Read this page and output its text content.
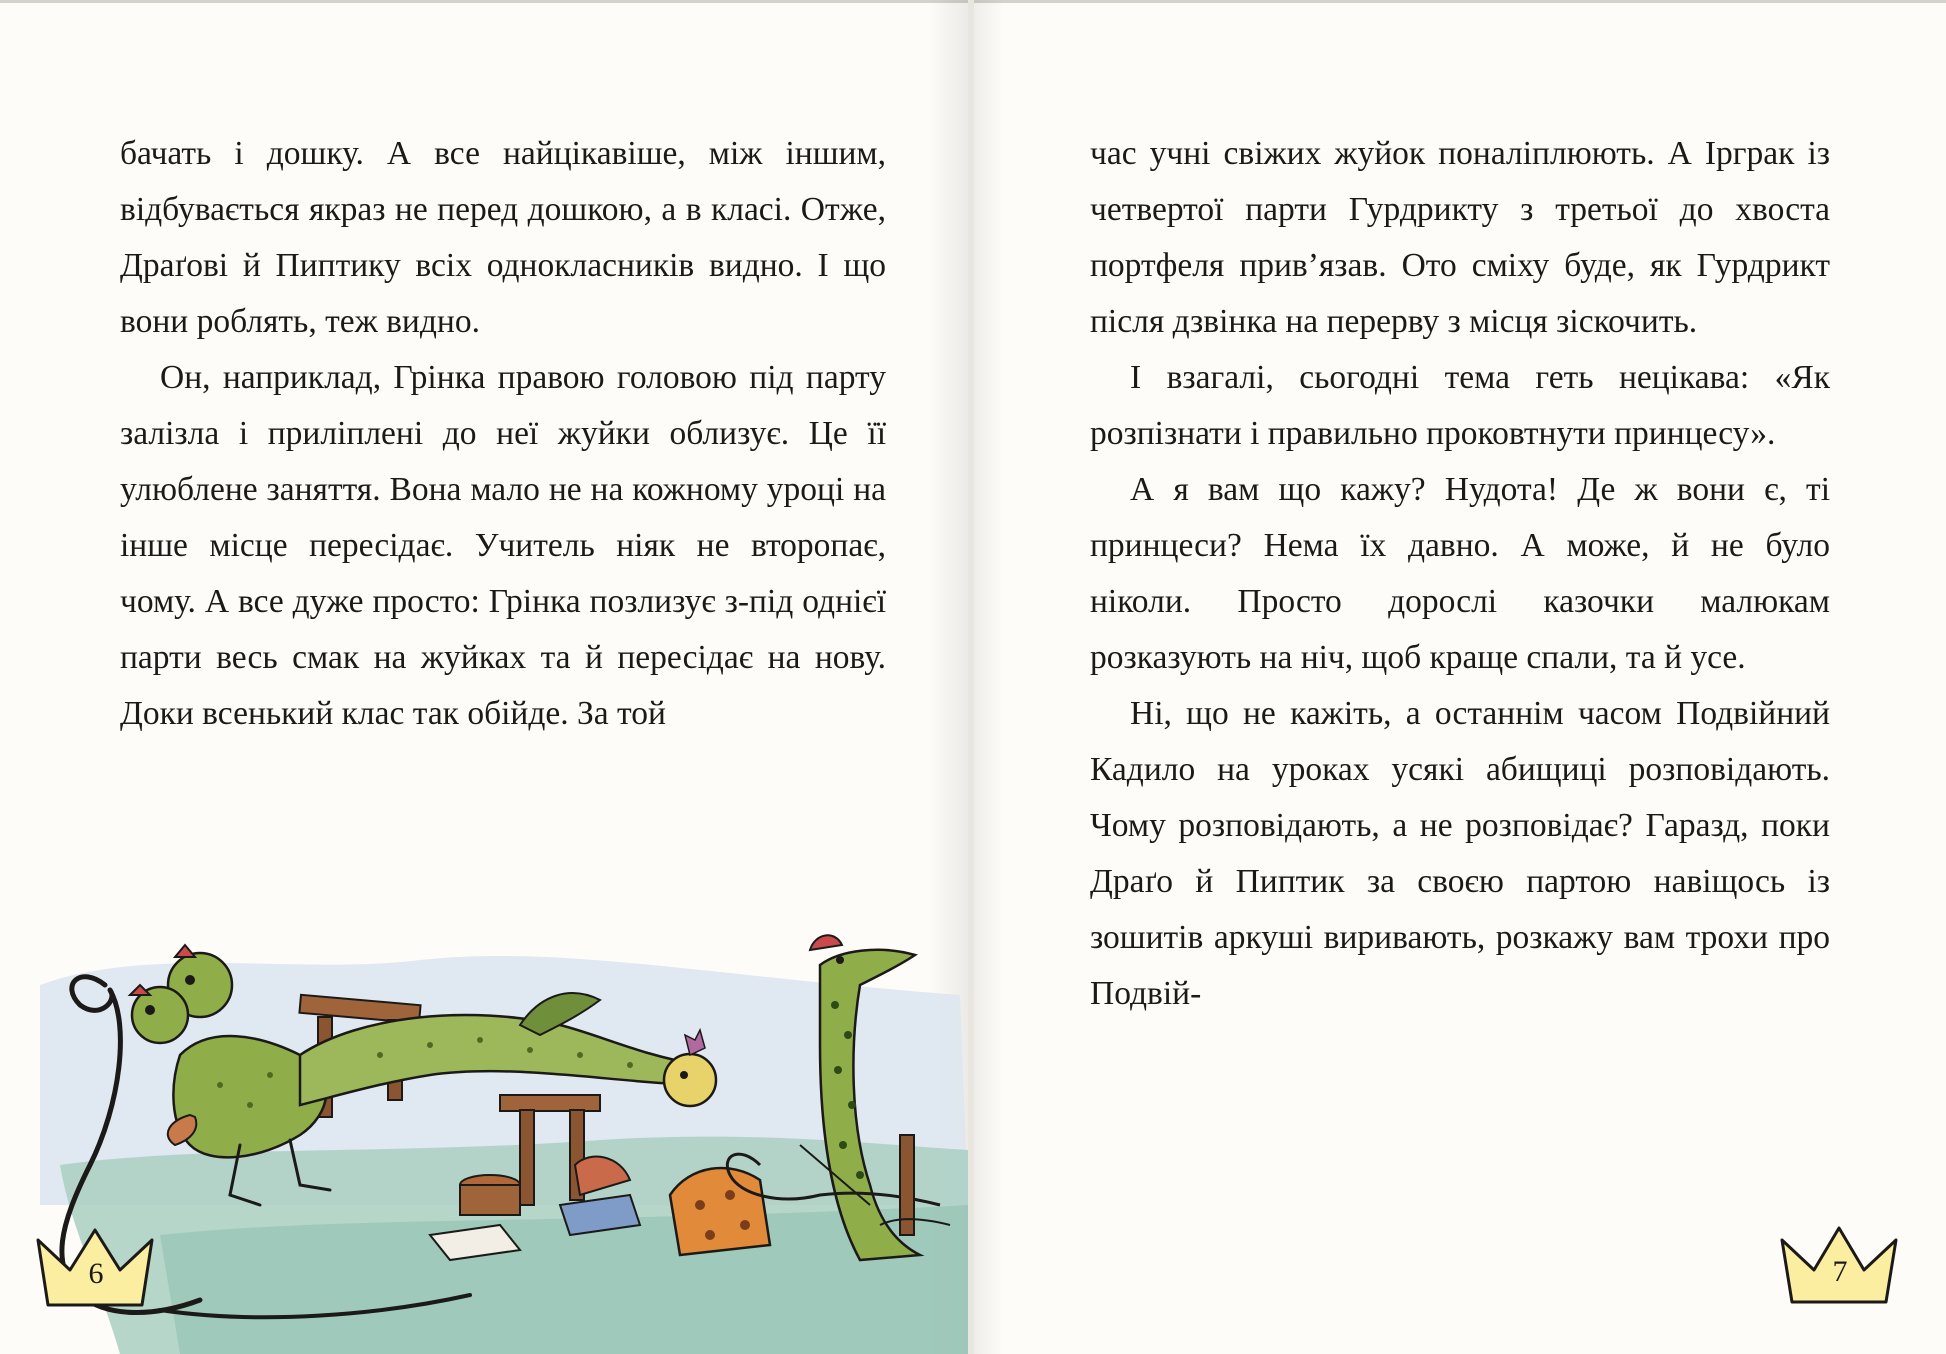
бачать і дошку. А все найцікавіше, між іншим, відбувається якраз не перед дошкою, а в класі. Отже, Драґові й Пиптику всіх однокласників видно. І що вони роблять, теж видно.

Он, наприклад, Грінка правою головою під парту залізла і приліплені до неї жуйки облизує. Це її улюблене заняття. Вона мало не на кожному уроці на інше місце пересідає. Учитель ніяк не второпає, чому. А все дуже просто: Грінка позлизує з-під однієї парти весь смак на жуйках та й пересідає на нову. Доки всенький клас так обійде. За той

6

час учні свіжих жуйок поналіплюють. А Ірграк із четвертої парти Гурдрикту з третьої до хвоста портфеля прив’язав. Ото сміху буде, як Гурдрикт після дзвінка на перерву з місця зіскочить.

І взагалі, сьогодні тема геть нецікава: «Як розпізнати і правильно проковтнути принцесу».

А я вам що кажу? Нудота! Де ж вони є, ті принцеси? Нема їх давно. А може, й не було ніколи. Просто дорослі казочки малюкам розказують на ніч, щоб краще спали, та й усе.

Ні, що не кажіть, а останнім часом Подвійний Кадило на уроках усякі абищиці розповідають. Чому розповідають, а не розповідає? Гаразд, поки Драґо й Пиптик за своєю партою навіщось із зошитів аркуші виривають, розкажу вам трохи про Подвій-

7
